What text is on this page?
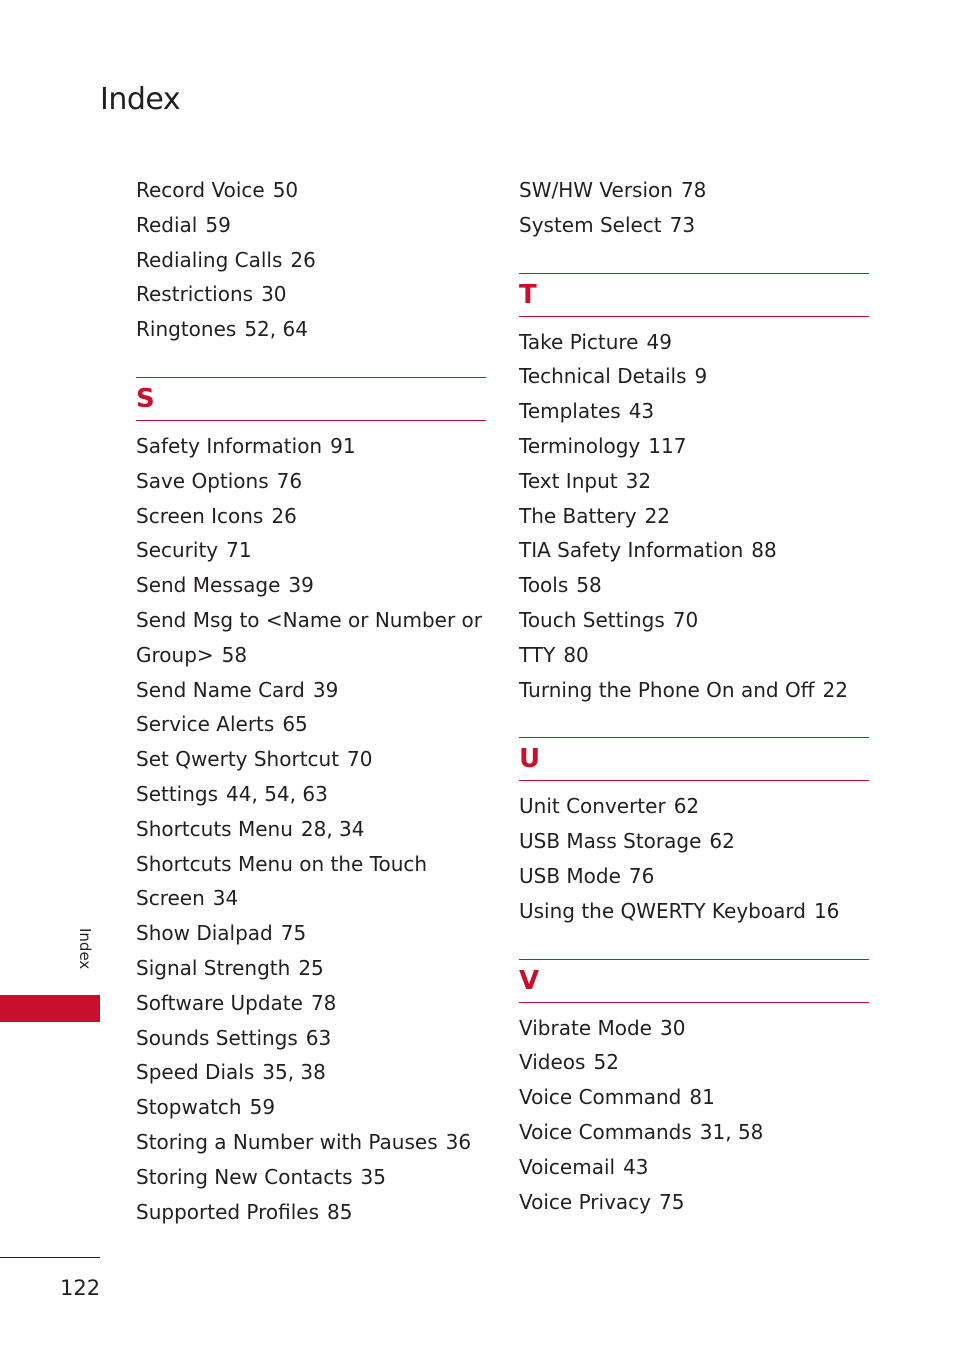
Index
Record Voice 50
Redial 59
Redialing Calls 26
Restrictions 30
Ringtones 52, 64
S
Safety Information 91
Save Options 76
Screen Icons 26
Security 71
Send Message 39
Send Msg to <Name or Number or Group> 58
Send Name Card 39
Service Alerts 65
Set Qwerty Shortcut 70
Settings 44, 54, 63
Shortcuts Menu 28, 34
Shortcuts Menu on the Touch Screen 34
Show Dialpad 75
Signal Strength 25
Software Update 78
Sounds Settings 63
Speed Dials 35, 38
Stopwatch 59
Storing a Number with Pauses 36
Storing New Contacts 35
Supported Profiles 85
SW/HW Version 78
System Select 73
T
Take Picture 49
Technical Details 9
Templates 43
Terminology 117
Text Input 32
The Battery 22
TIA Safety Information 88
Tools 58
Touch Settings 70
TTY 80
Turning the Phone On and Off 22
U
Unit Converter 62
USB Mass Storage 62
USB Mode 76
Using the QWERTY Keyboard 16
V
Vibrate Mode 30
Videos 52
Voice Command 81
Voice Commands 31, 58
Voicemail 43
Voice Privacy 75
Index
122
